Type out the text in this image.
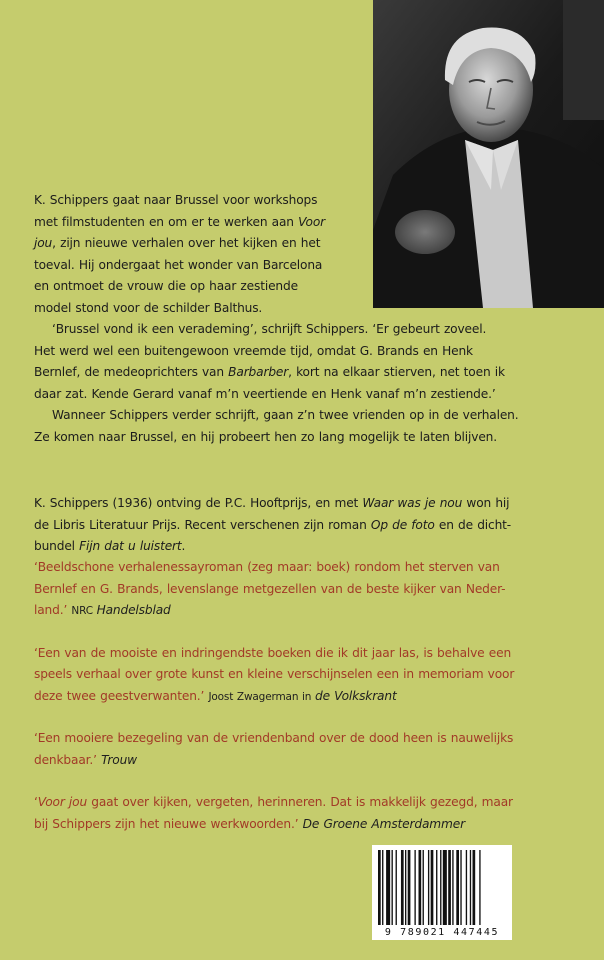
K. Schippers gaat naar Brussel voor workshops
met filmstudenten en om er te werken aan Voor
jou, zijn nieuwe verhalen over het kijken en het
toeval. Hij ondergaat het wonder van Barcelona
en ontmoet de vrouw die op haar zestiende
model stond voor de schilder Balthus.
‘Brussel vond ik een verademing’, schrijft Schippers. ‘Er gebeurt zoveel.
Het werd wel een buitengewoon vreemde tijd, omdat G. Brands en Henk
Bernlef, de medeoprichters van Barbarber, kort na elkaar stierven, net toen ik
daar zat. Kende Gerard vanaf m’n veertiende en Henk vanaf m’n zestiende.’
Wanneer Schippers verder schrijft, gaan z’n twee vrienden op in de verhalen.
Ze komen naar Brussel, en hij probeert hen zo lang mogelijk te laten blijven.
K. Schippers (1936) ontving de P.C. Hooftprijs, en met Waar was je nou won hij
de Libris Literatuur Prijs. Recent verschenen zijn roman Op de foto en de dicht-
bundel Fijn dat u luistert.
‘Beeldschone verhalenessayroman (zeg maar: boek) rondom het sterven van
Bernlef en G. Brands, levenslange metgezellen van de beste kijker van Neder-
land.’ NRC Handelsblad
‘Een van de mooiste en indringendste boeken die ik dit jaar las, is behalve een
speels verhaal over grote kunst en kleine verschijnselen een in memoriam voor
deze twee geestverwanten.’ Joost Zwagerman in de Volkskrant
‘Een mooiere bezegeling van de vriendenband over de dood heen is nauwelijks
denkbaar.’ Trouw
‘Voor jou gaat over kijken, vergeten, herinneren. Dat is makkelijk gezegd, maar
bij Schippers zijn het nieuwe werkwoorden.’ De Groene Amsterdammer
9 789021 447445
